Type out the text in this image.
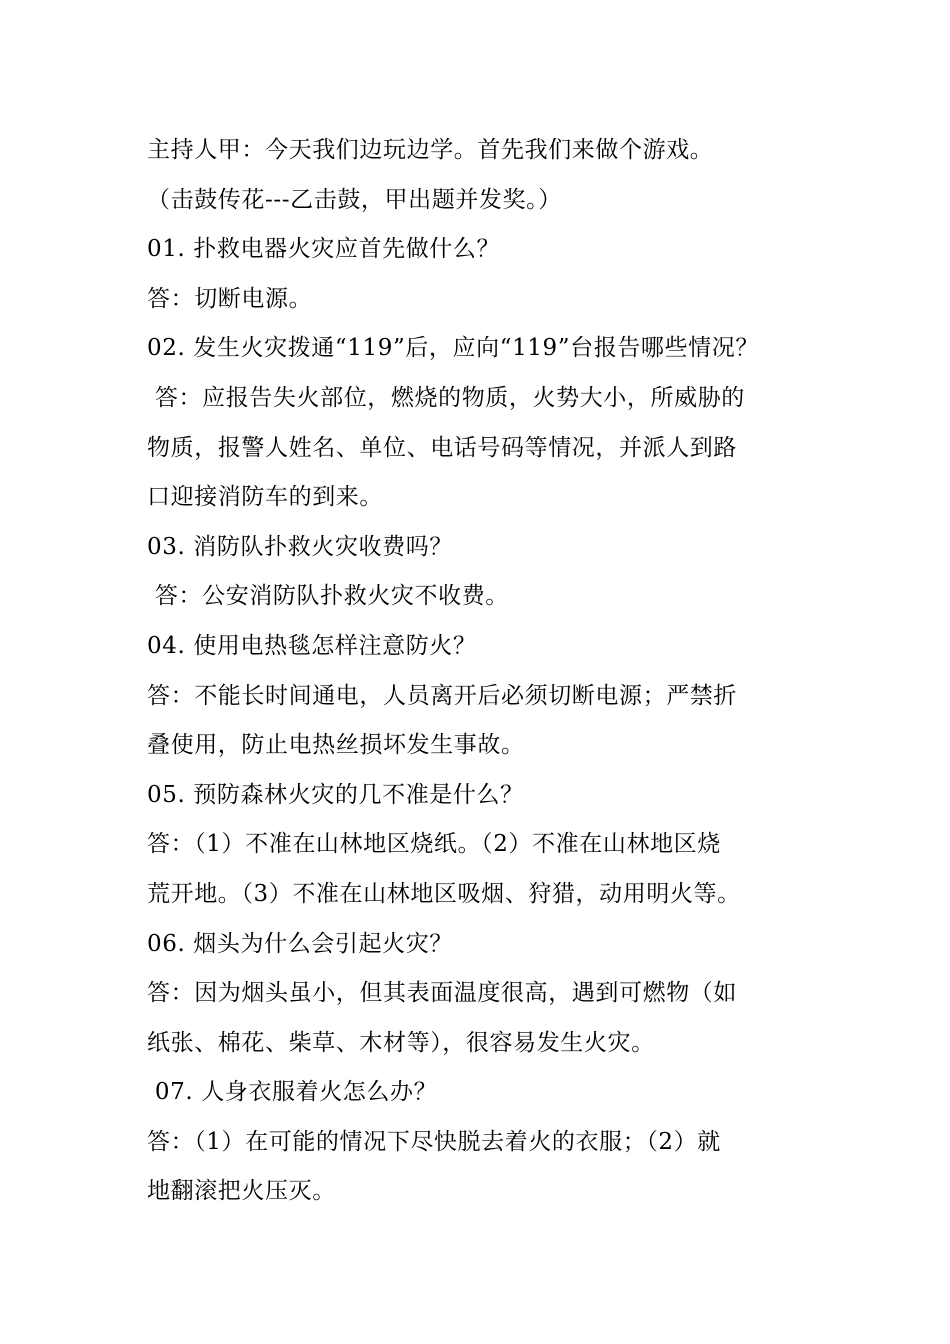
主持人甲：今天我们边玩边学。首先我们来做个游戏。
（击鼓传花---乙击鼓，甲出题并发奖。）
01. 扑救电器火灾应首先做什么？
答：切断电源。
02. 发生火灾拨通“119”后，应向“119”台报告哪些情况？
答：应报告失火部位，燃烧的物质，火势大小，所威胁的
物质，报警人姓名、单位、电话号码等情况，并派人到路
口迎接消防车的到来。
03. 消防队扑救火灾收费吗？
答：公安消防队扑救火灾不收费。
04. 使用电热毯怎样注意防火？
答：不能长时间通电，人员离开后必须切断电源；严禁折
叠使用，防止电热丝损坏发生事故。
05. 预防森林火灾的几不准是什么？
答：（1）不准在山林地区烧纸。（2）不准在山林地区烧
荒开地。（3）不准在山林地区吸烟、狩猎，动用明火等。
06. 烟头为什么会引起火灾？
答：因为烟头虽小，但其表面温度很高，遇到可燃物（如
纸张、棉花、柴草、木材等），很容易发生火灾。
07. 人身衣服着火怎么办？
答：（1）在可能的情况下尽快脱去着火的衣服；（2）就
地翻滚把火压灭。
